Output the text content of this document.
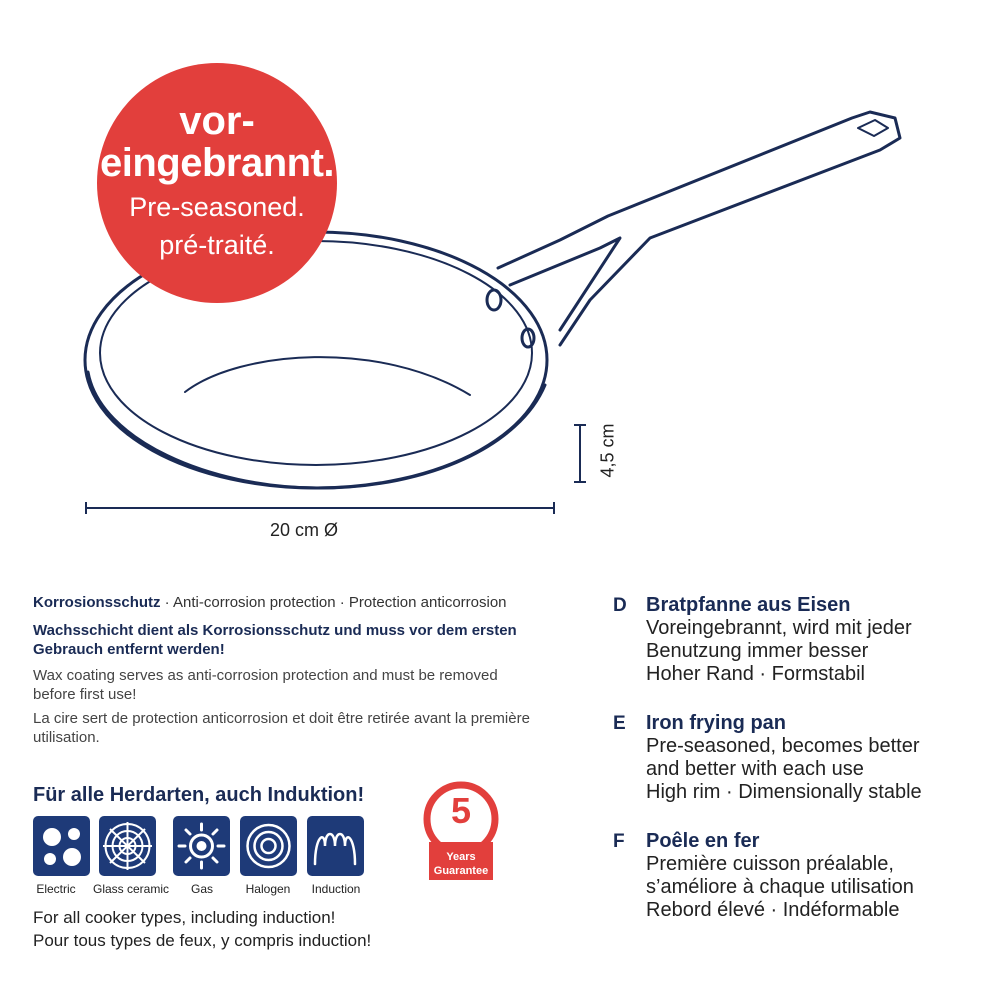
vor-
eingebrannt.
Pre-seasoned.
pré-traité.
20 cm Ø
4,5 cm
Korrosionsschutz · Anti-corrosion protection · Protection anticorrosion
Wachsschicht dient als Korrosionsschutz und muss vor dem ersten Gebrauch entfernt werden!
Wax coating serves as anti-corrosion protection and must be removed before first use!
La cire sert de protection anticorrosion et doit être retirée avant la première utilisation.
Für alle Herdarten, auch Induktion!
Electric	Glass ceramic	Gas	Halogen	Induction
For all cooker types, including induction!
Pour tous types de feux, y compris induction!
5
Years
Guarantee
D Bratpfanne aus Eisen
Voreingebrannt, wird mit jeder
Benutzung immer besser
Hoher Rand · Formstabil
E Iron frying pan
Pre-seasoned, becomes better
and better with each use
High rim · Dimensionally stable
F Poêle en fer
Première cuisson préalable,
s’améliore à chaque utilisation
Rebord élevé · Indéformable
